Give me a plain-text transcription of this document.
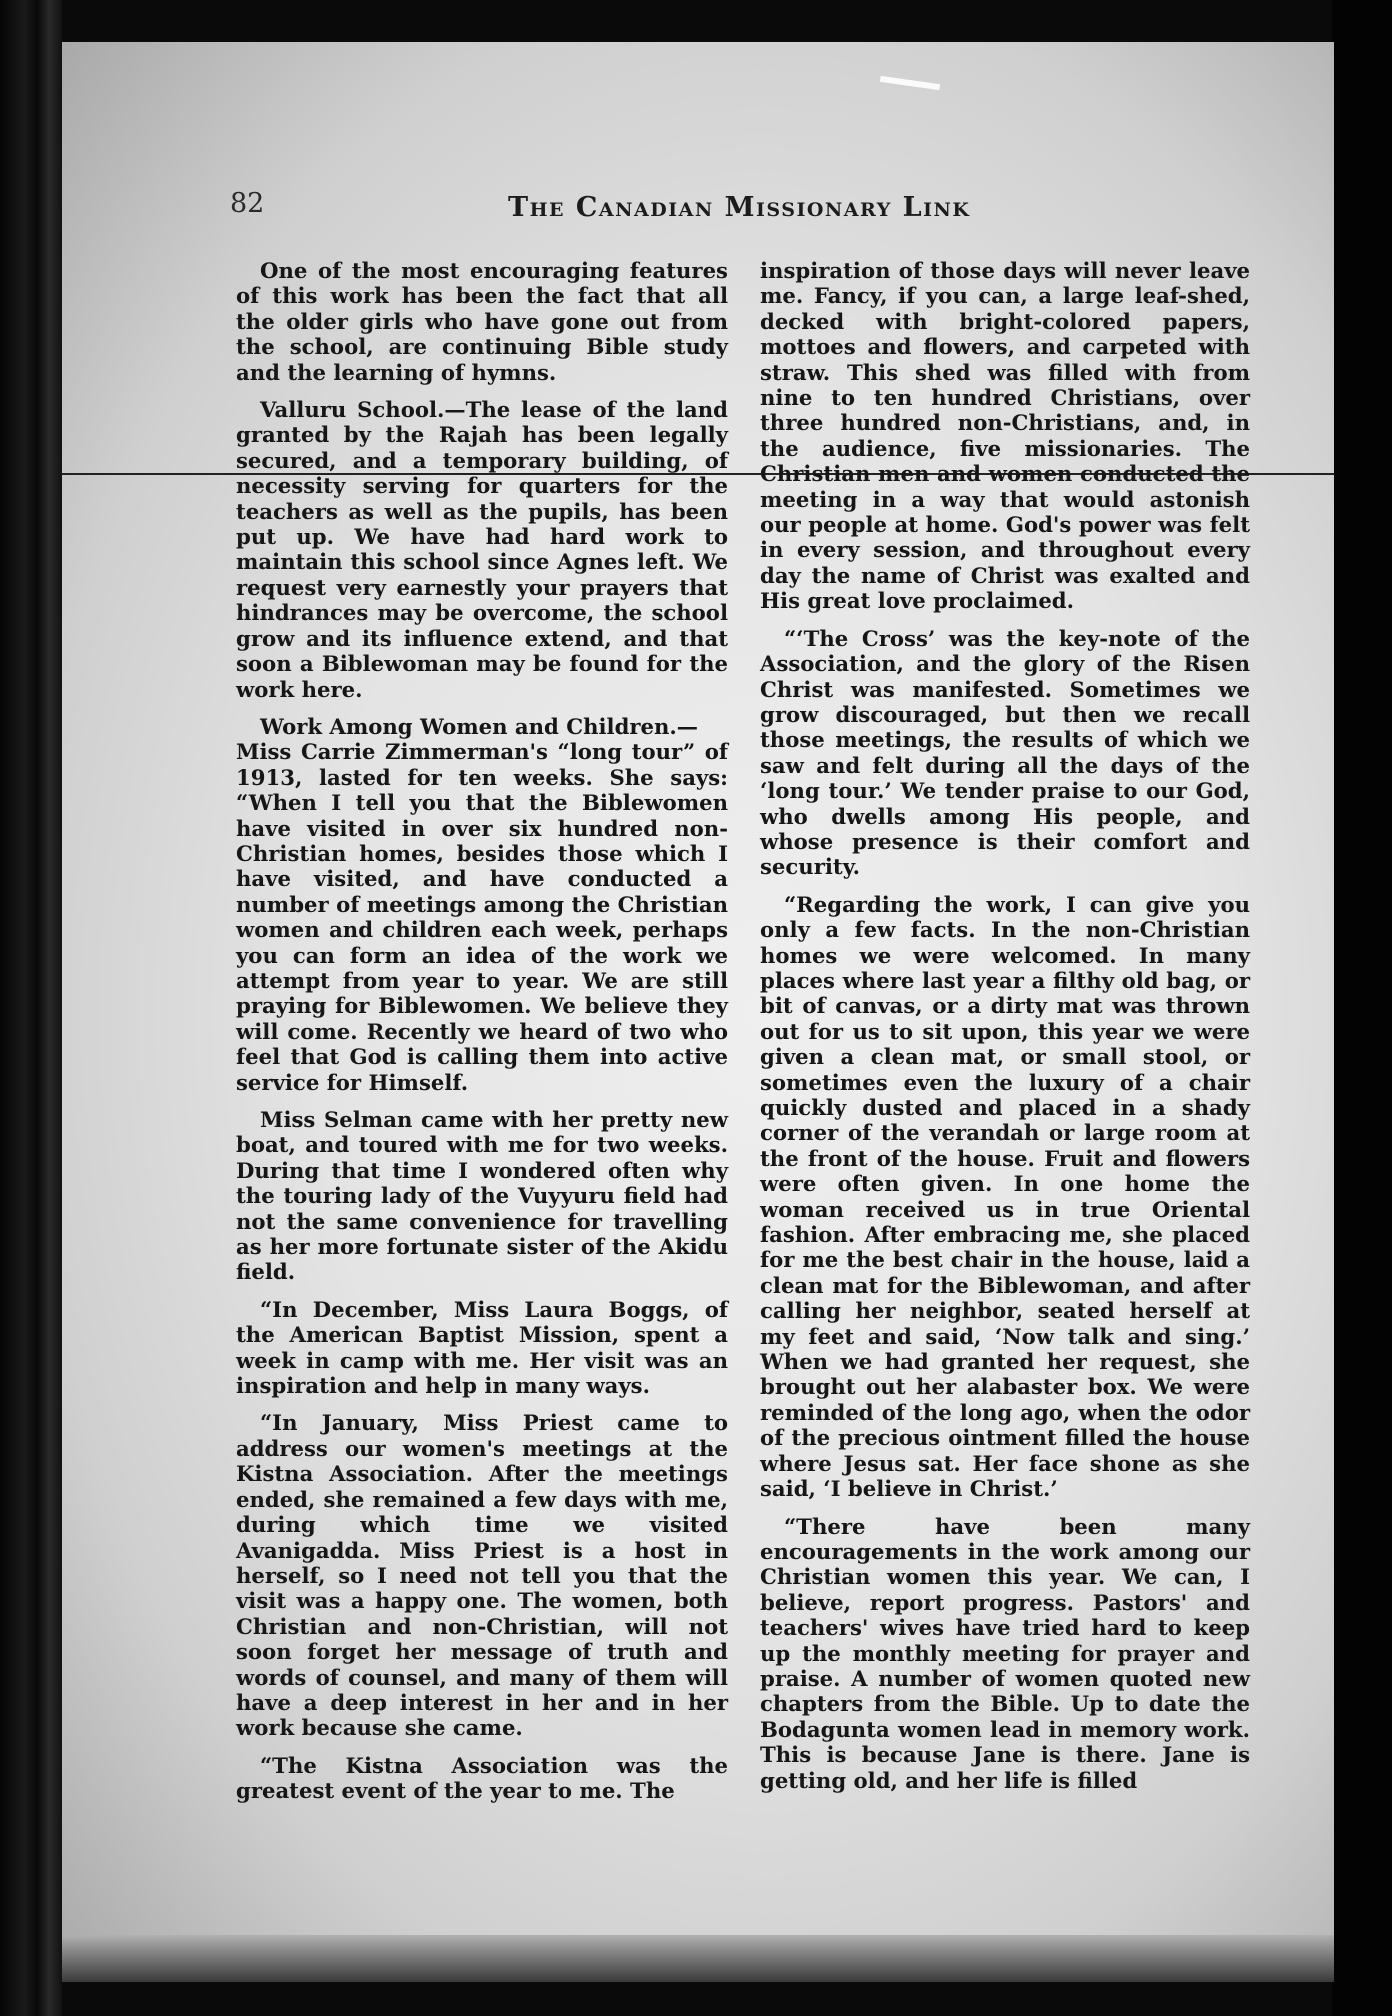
82	The Canadian Missionary Link

One of the most encouraging features of this work has been the fact that all the older girls who have gone out from the school, are continuing Bible study and the learning of hymns.

Valluru School.—The lease of the land granted by the Rajah has been legally secured, and a temporary building, of necessity serving for quarters for the teachers as well as the pupils, has been put up. We have had hard work to maintain this school since Agnes left. We request very earnestly your prayers that hindrances may be overcome, the school grow and its influence extend, and that soon a Biblewoman may be found for the work here.

Work Among Women and Children.—
Miss Carrie Zimmerman's “long tour” of 1913, lasted for ten weeks. She says: “When I tell you that the Biblewomen have visited in over six hundred non-Christian homes, besides those which I have visited, and have conducted a number of meetings among the Christian women and children each week, perhaps you can form an idea of the work we attempt from year to year. We are still praying for Biblewomen. We believe they will come. Recently we heard of two who feel that God is calling them into active service for Himself.

Miss Selman came with her pretty new boat, and toured with me for two weeks. During that time I wondered often why the touring lady of the Vuyyuru field had not the same convenience for travelling as her more fortunate sister of the Akidu field.

“In December, Miss Laura Boggs, of the American Baptist Mission, spent a week in camp with me. Her visit was an inspiration and help in many ways.

“In January, Miss Priest came to address our women's meetings at the Kistna Association. After the meetings ended, she remained a few days with me, during which time we visited Avanigadda. Miss Priest is a host in herself, so I need not tell you that the visit was a happy one. The women, both Christian and non-Christian, will not soon forget her message of truth and words of counsel, and many of them will have a deep interest in her and in her work because she came.

“The Kistna Association was the greatest event of the year to me. The

inspiration of those days will never leave me. Fancy, if you can, a large leaf-shed, decked with bright-colored papers, mottoes and flowers, and carpeted with straw. This shed was filled with from nine to ten hundred Christians, over three hundred non-Christians, and, in the audience, five missionaries. The Christian men and women conducted the meeting in a way that would astonish our people at home. God's power was felt in every session, and throughout every day the name of Christ was exalted and His great love proclaimed.

“‘The Cross’ was the key-note of the Association, and the glory of the Risen Christ was manifested. Sometimes we grow discouraged, but then we recall those meetings, the results of which we saw and felt during all the days of the ‘long tour.’ We tender praise to our God, who dwells among His people, and whose presence is their comfort and security.

“Regarding the work, I can give you only a few facts. In the non-Christian homes we were welcomed. In many places where last year a filthy old bag, or bit of canvas, or a dirty mat was thrown out for us to sit upon, this year we were given a clean mat, or small stool, or sometimes even the luxury of a chair quickly dusted and placed in a shady corner of the verandah or large room at the front of the house. Fruit and flowers were often given. In one home the woman received us in true Oriental fashion. After embracing me, she placed for me the best chair in the house, laid a clean mat for the Biblewoman, and after calling her neighbor, seated herself at my feet and said, ‘Now talk and sing.’ When we had granted her request, she brought out her alabaster box. We were reminded of the long ago, when the odor of the precious ointment filled the house where Jesus sat. Her face shone as she said, ‘I believe in Christ.’

“There have been many encouragements in the work among our Christian women this year. We can, I believe, report progress. Pastors' and teachers' wives have tried hard to keep up the monthly meeting for prayer and praise. A number of women quoted new chapters from the Bible. Up to date the Bodagunta women lead in memory work. This is because Jane is there. Jane is getting old, and her life is filled
